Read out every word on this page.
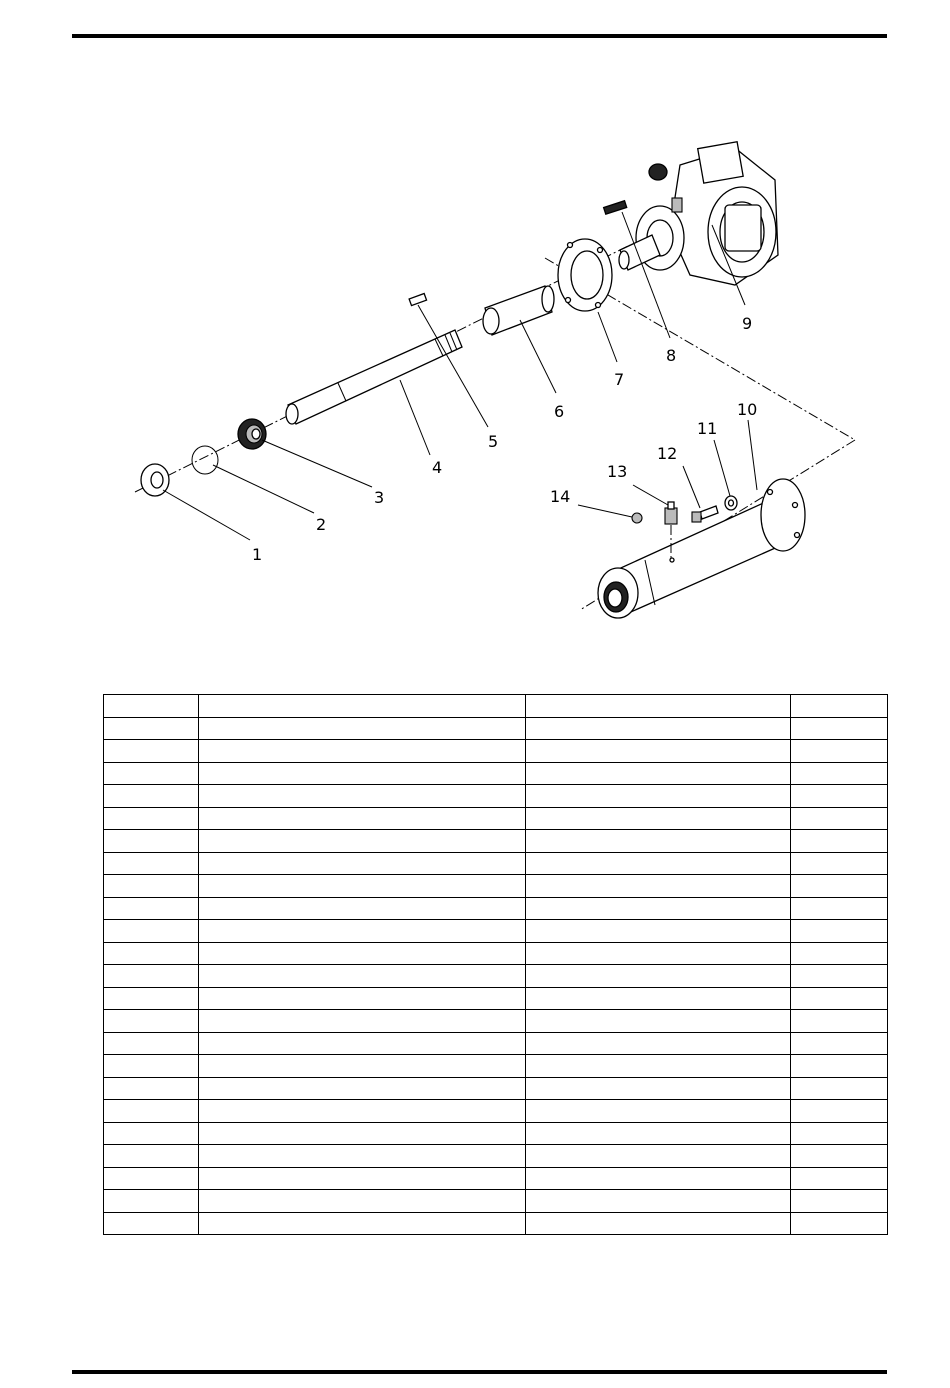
1
2
3
4
5
6
7
8
9
10
11
12
13
14
